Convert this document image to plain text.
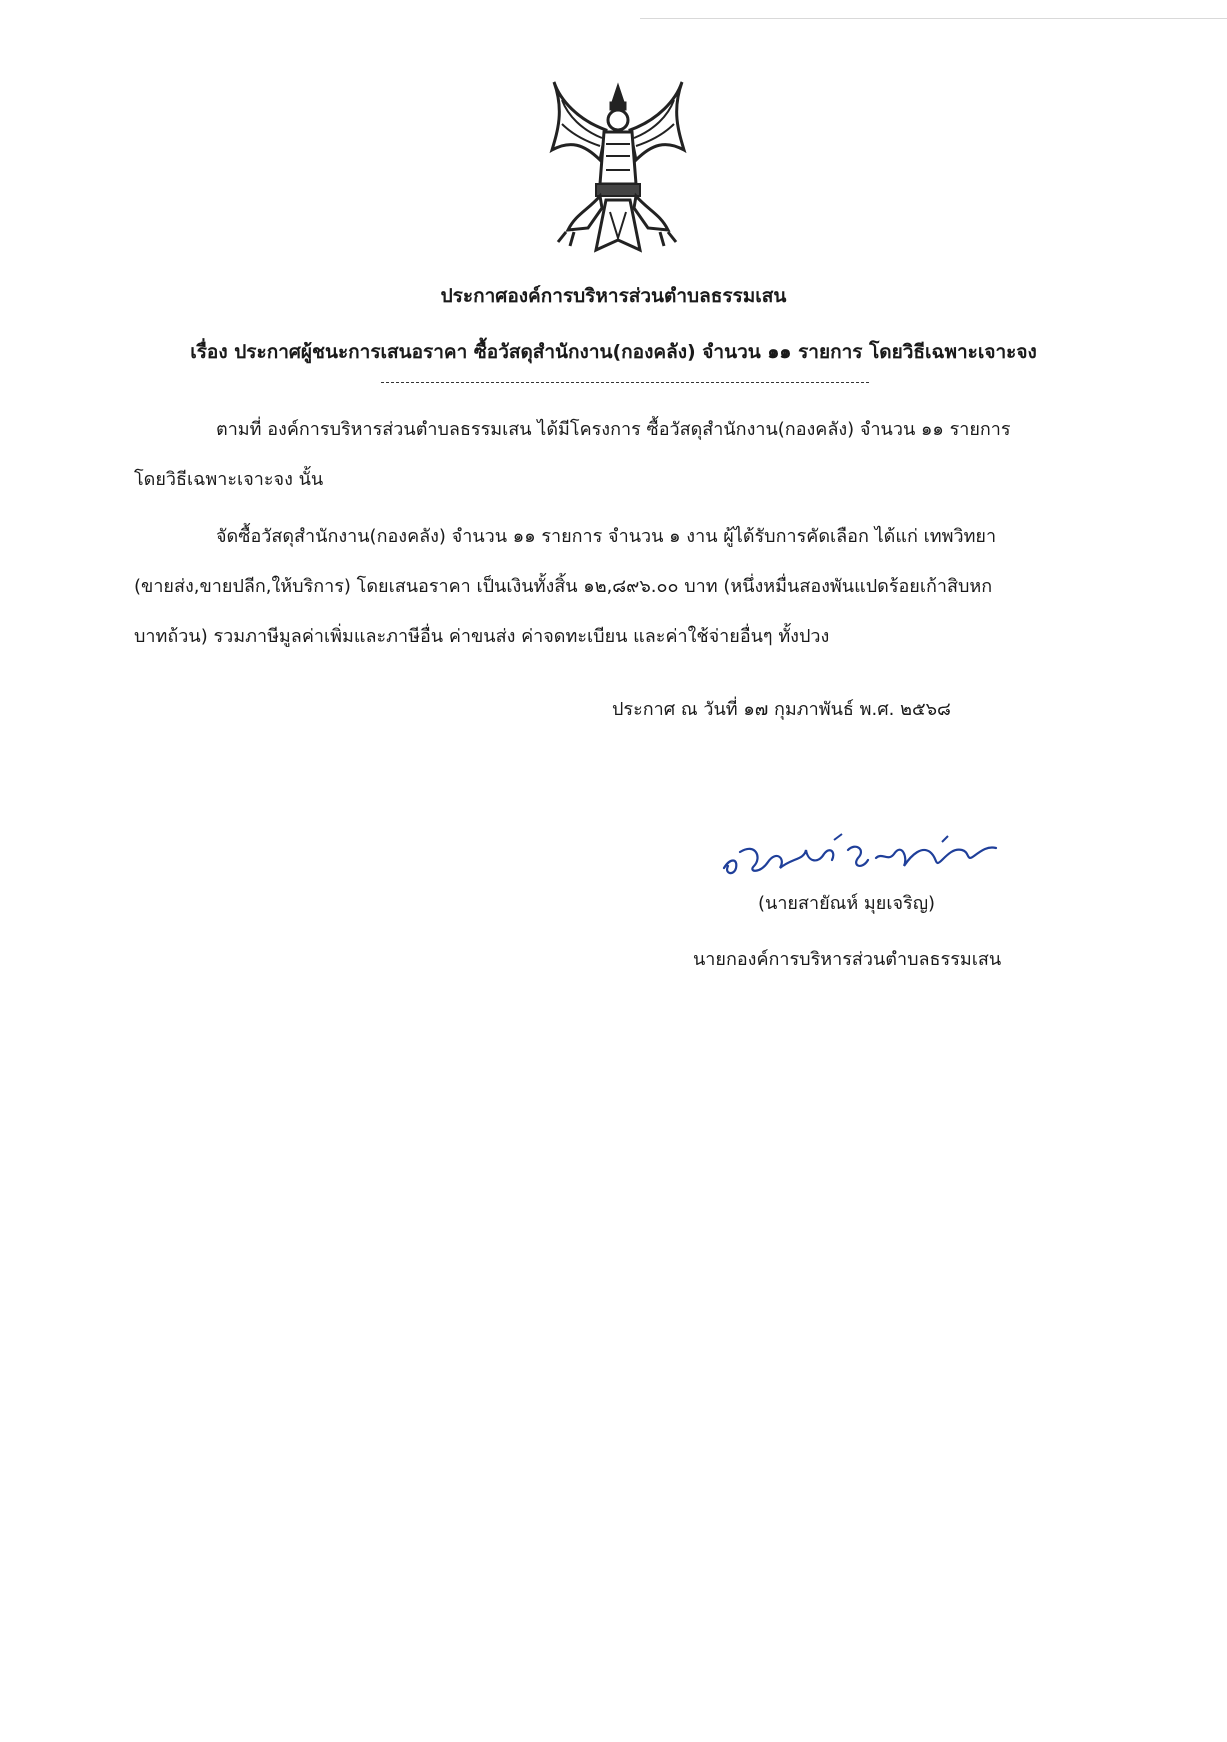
ประกาศองค์การบริหารส่วนตำบลธรรมเสน
เรื่อง ประกาศผู้ชนะการเสนอราคา ซื้อวัสดุสำนักงาน(กองคลัง) จำนวน ๑๑ รายการ โดยวิธีเฉพาะเจาะจง
ตามที่ องค์การบริหารส่วนตำบลธรรมเสน ได้มีโครงการ ซื้อวัสดุสำนักงาน(กองคลัง) จำนวน ๑๑ รายการ
โดยวิธีเฉพาะเจาะจง นั้น
จัดซื้อวัสดุสำนักงาน(กองคลัง) จำนวน ๑๑ รายการ จำนวน ๑ งาน ผู้ได้รับการคัดเลือก ได้แก่ เทพวิทยา
(ขายส่ง,ขายปลีก,ให้บริการ) โดยเสนอราคา เป็นเงินทั้งสิ้น ๑๒,๘๙๖.๐๐ บาท (หนึ่งหมื่นสองพันแปดร้อยเก้าสิบหก
บาทถ้วน) รวมภาษีมูลค่าเพิ่มและภาษีอื่น ค่าขนส่ง ค่าจดทะเบียน และค่าใช้จ่ายอื่นๆ ทั้งปวง
ประกาศ ณ วันที่ ๑๗ กุมภาพันธ์ พ.ศ. ๒๕๖๘
(นายสายัณห์ มุยเจริญ)
นายกองค์การบริหารส่วนตำบลธรรมเสน
